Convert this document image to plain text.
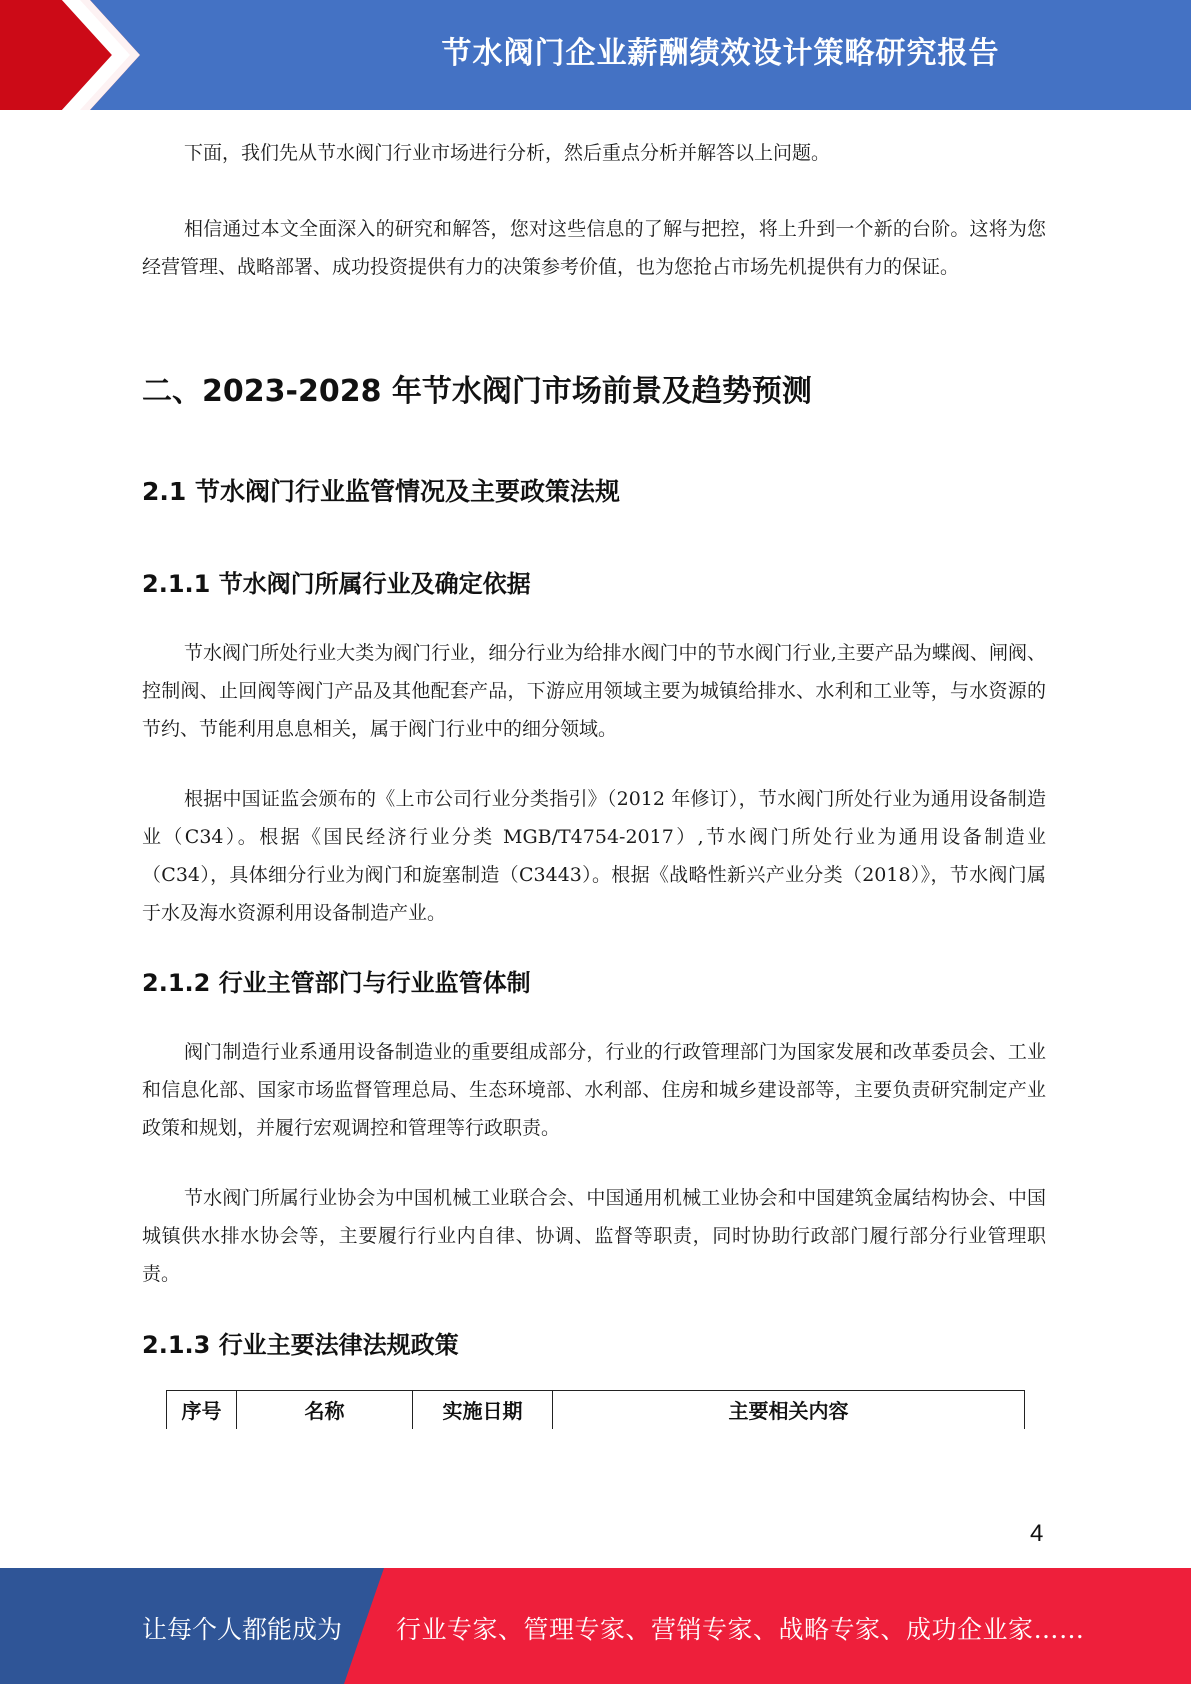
节水阀门企业薪酬绩效设计策略研究报告

下面，我们先从节水阀门行业市场进行分析，然后重点分析并解答以上问题。

相信通过本文全面深入的研究和解答，您对这些信息的了解与把控，将上升到一个新的台阶。这将为您经营管理、战略部署、成功投资提供有力的决策参考价值，也为您抢占市场先机提供有力的保证。

二、2023-2028 年节水阀门市场前景及趋势预测
2.1 节水阀门行业监管情况及主要政策法规
2.1.1 节水阀门所属行业及确定依据

节水阀门所处行业大类为阀门行业，细分行业为给排水阀门中的节水阀门行业,主要产品为蝶阀、闸阀、控制阀、止回阀等阀门产品及其他配套产品，下游应用领域主要为城镇给排水、水利和工业等，与水资源的节约、节能利用息息相关，属于阀门行业中的细分领域。

根据中国证监会颁布的《上市公司行业分类指引》（2012 年修订），节水阀门所处行业为通用设备制造业（C34）。根据《国民经济行业分类 MGB/T4754-2017）,节水阀门所处行业为通用设备制造业（C34），具体细分行业为阀门和旋塞制造（C3443）。根据《战略性新兴产业分类（2018）》，节水阀门属于水及海水资源利用设备制造产业。

2.1.2 行业主管部门与行业监管体制

阀门制造行业系通用设备制造业的重要组成部分，行业的行政管理部门为国家发展和改革委员会、工业和信息化部、国家市场监督管理总局、生态环境部、水利部、住房和城乡建设部等，主要负责研究制定产业政策和规划，并履行宏观调控和管理等行政职责。

节水阀门所属行业协会为中国机械工业联合会、中国通用机械工业协会和中国建筑金属结构协会、中国城镇供水排水协会等，主要履行行业内自律、协调、监督等职责，同时协助行政部门履行部分行业管理职责。

2.1.3 行业主要法律法规政策
序号	名称	实施日期	主要相关内容
4
让每个人都能成为 行业专家、管理专家、营销专家、战略专家、成功企业家……
